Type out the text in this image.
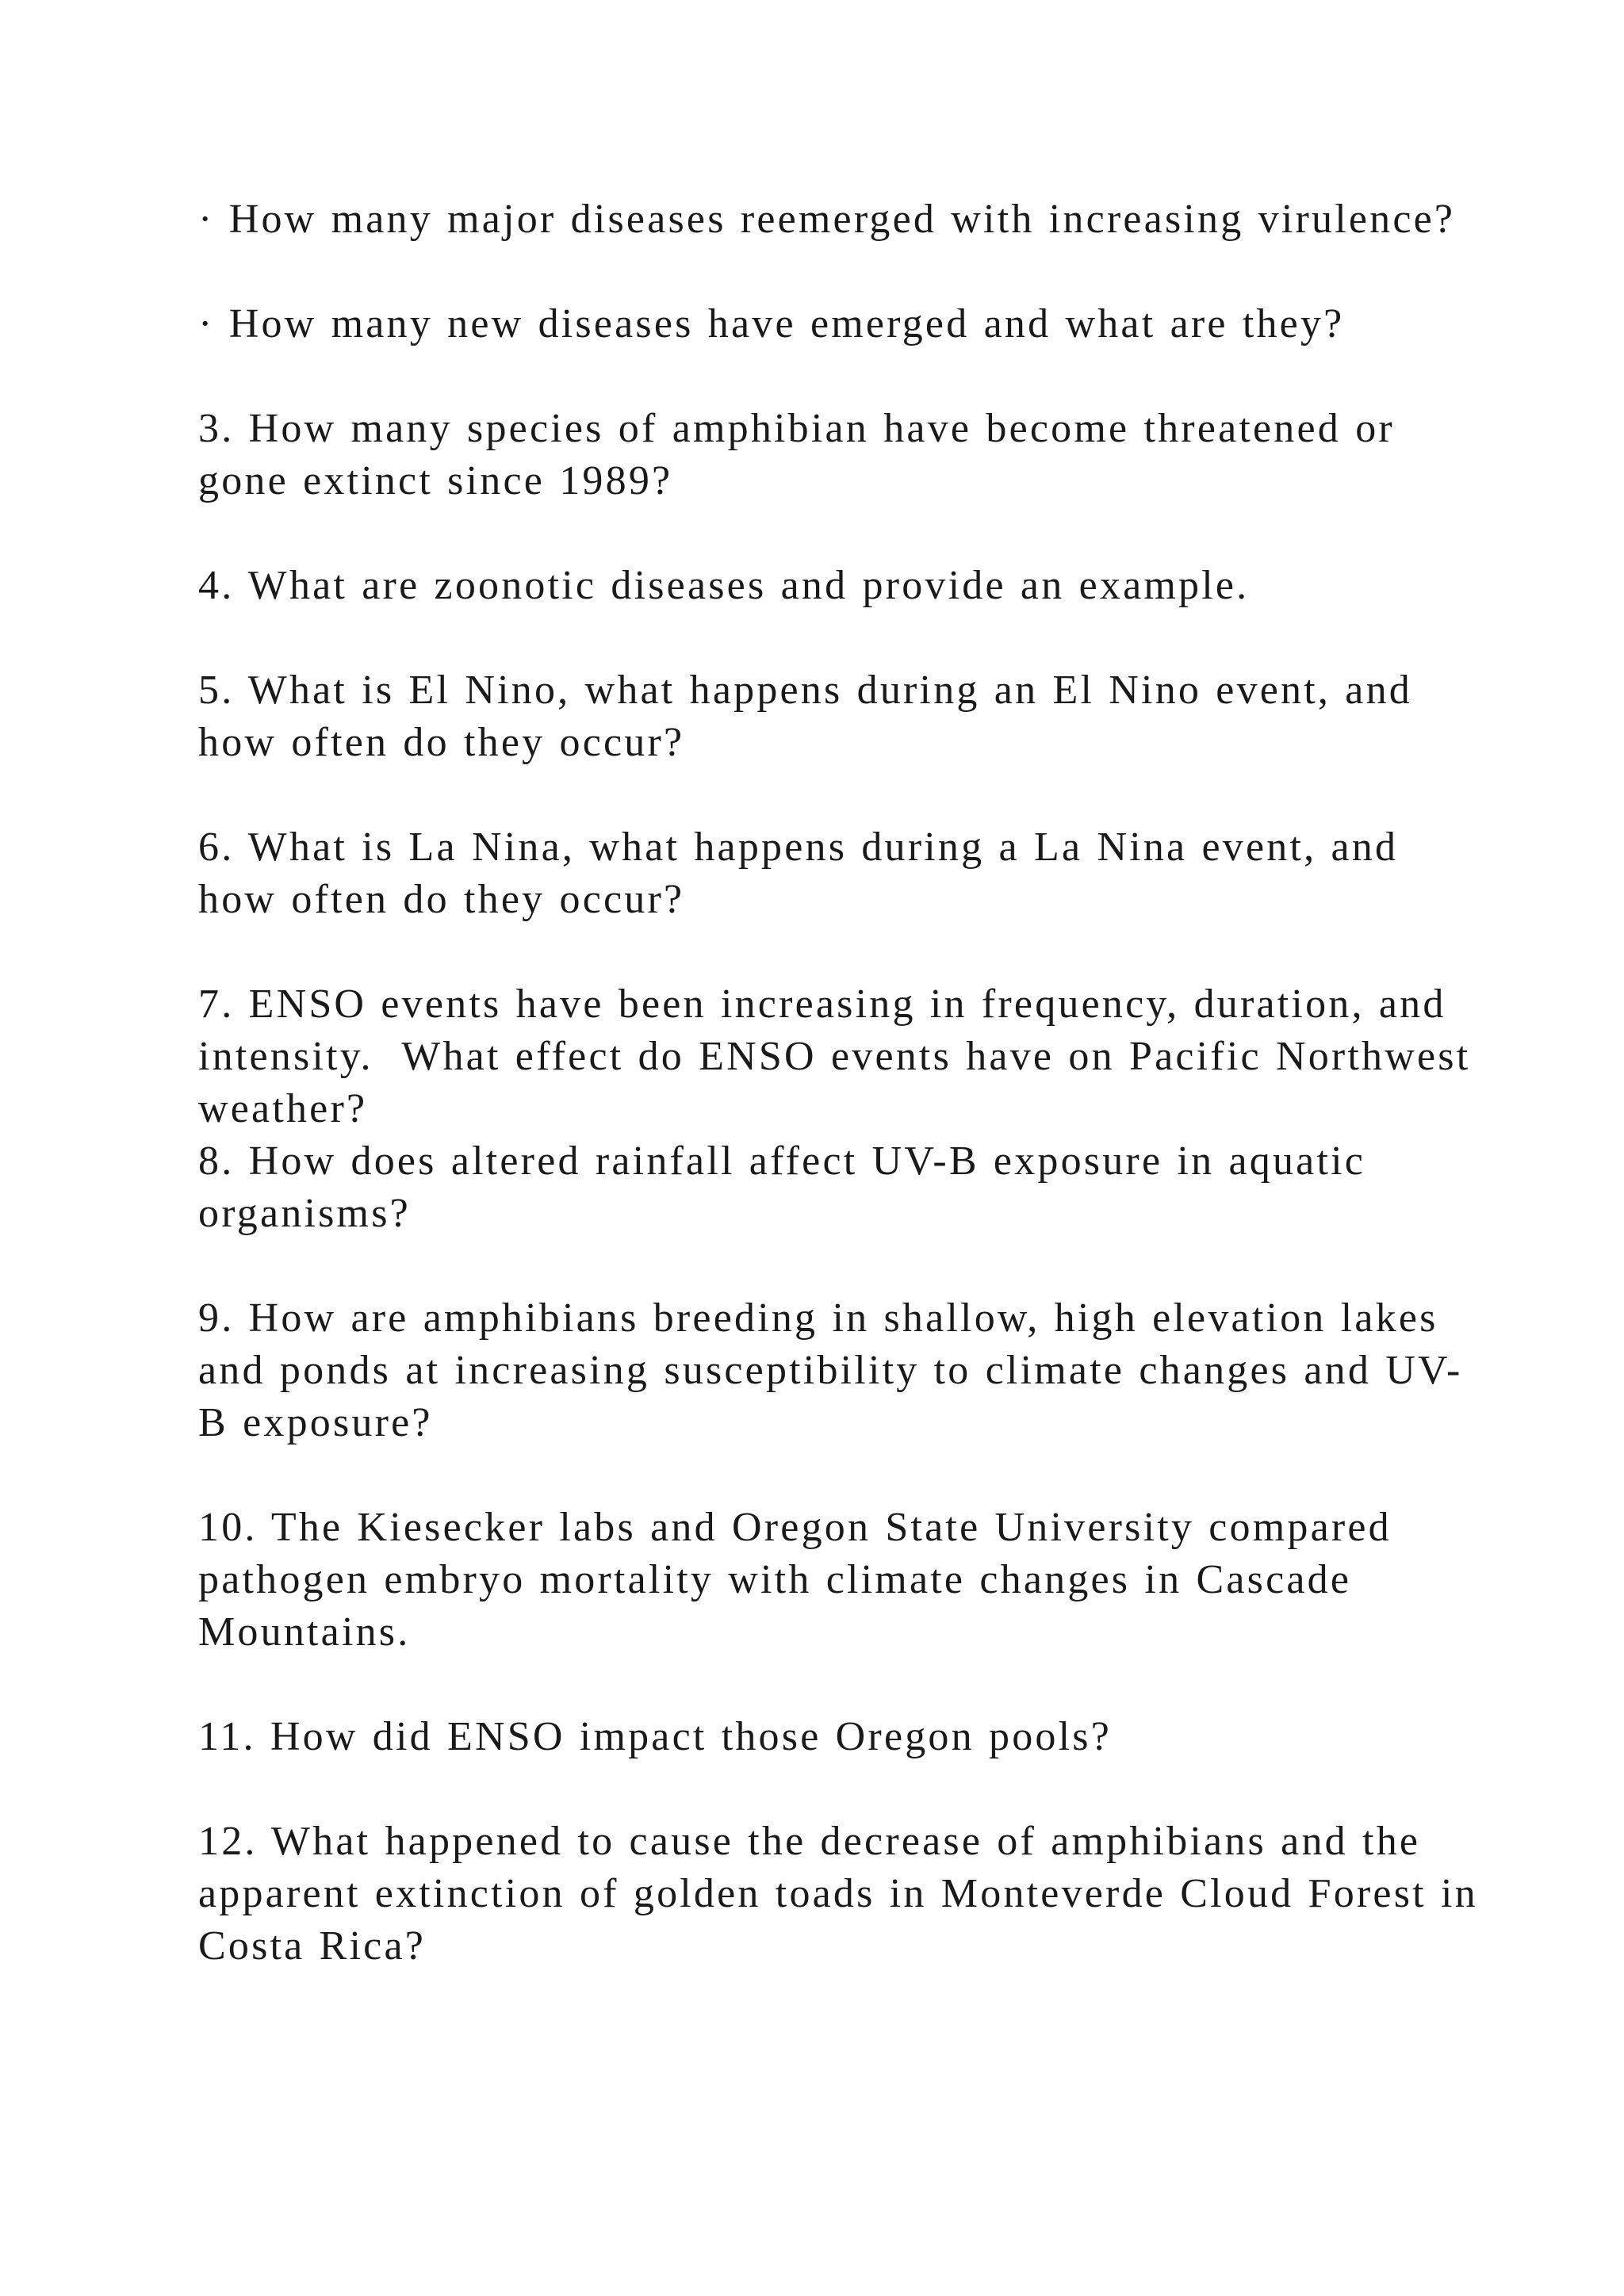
· How many major diseases reemerged with increasing virulence?

· How many new diseases have emerged and what are they?

3. How many species of amphibian have become threatened or gone extinct since 1989?

4. What are zoonotic diseases and provide an example.

5. What is El Nino, what happens during an El Nino event, and how often do they occur?

6. What is La Nina, what happens during a La Nina event, and how often do they occur?

7. ENSO events have been increasing in frequency, duration, and intensity.  What effect do ENSO events have on Pacific Northwest weather?

8. How does altered rainfall affect UV-B exposure in aquatic organisms?

9. How are amphibians breeding in shallow, high elevation lakes and ponds at increasing susceptibility to climate changes and UV-B exposure?

10. The Kiesecker labs and Oregon State University compared pathogen embryo mortality with climate changes in Cascade Mountains.

11. How did ENSO impact those Oregon pools?

12. What happened to cause the decrease of amphibians and the apparent extinction of golden toads in Monteverde Cloud Forest in Costa Rica?
